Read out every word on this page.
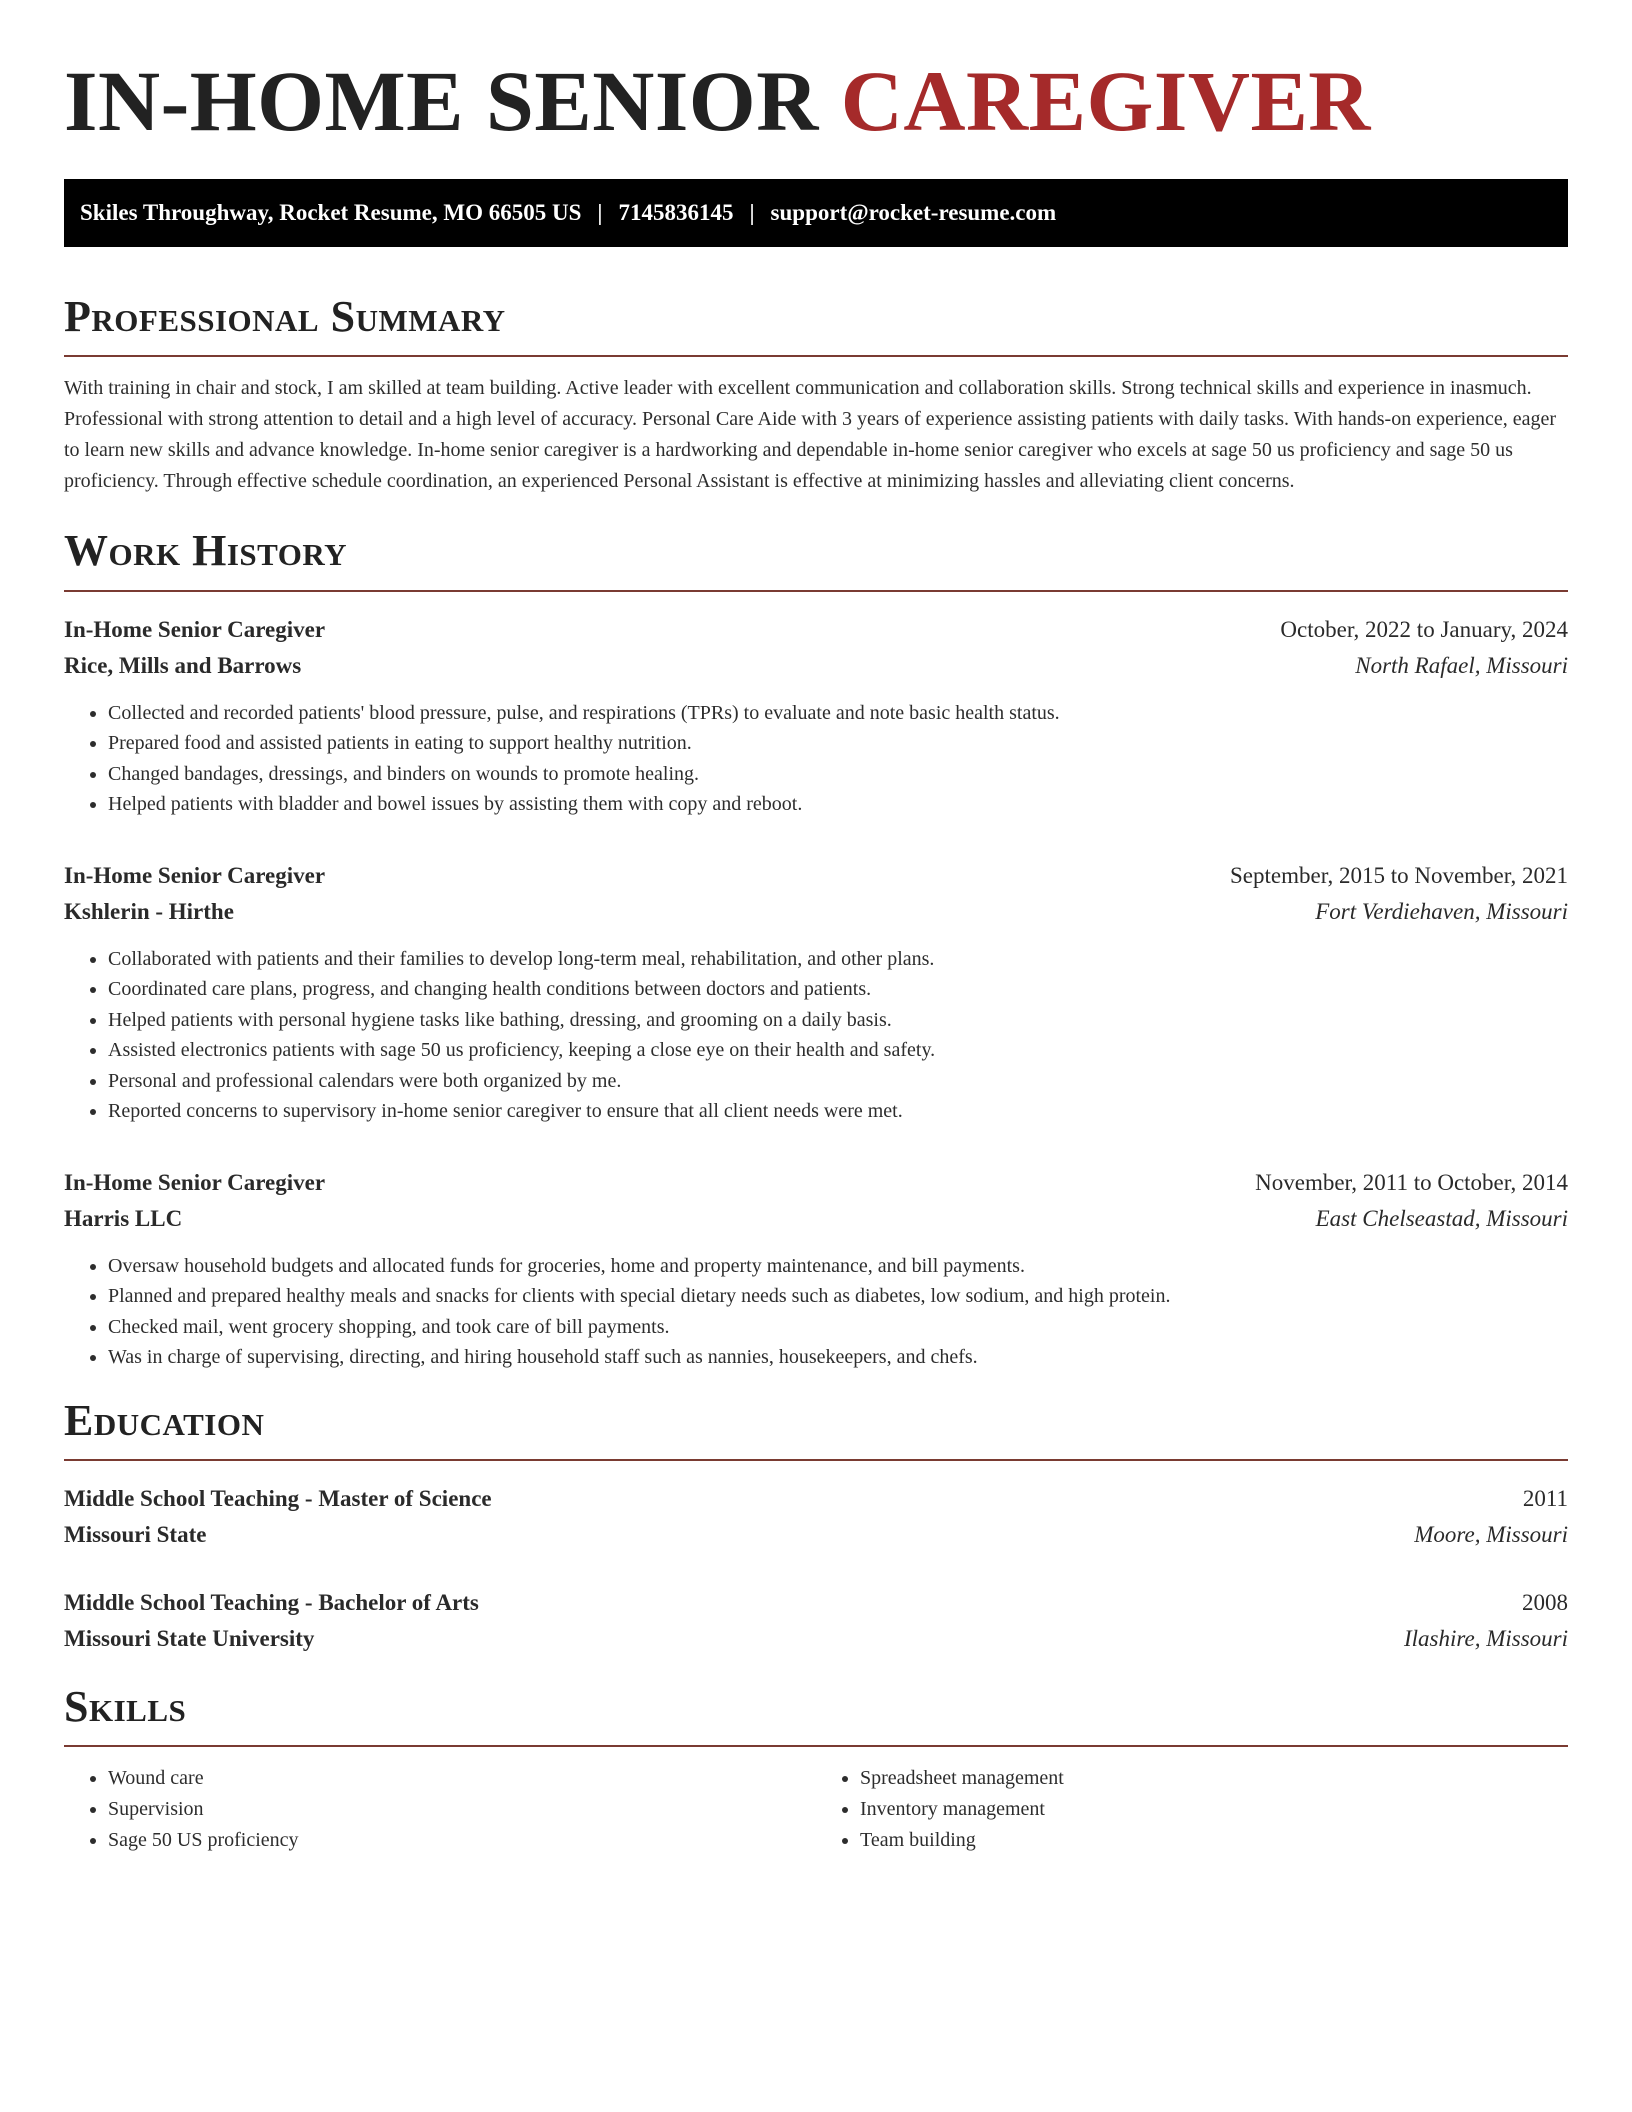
IN-HOME SENIOR CAREGIVER
Skiles Throughway, Rocket Resume, MO 66505 US | 7145836145 | support@rocket-resume.com
Professional Summary

With training in chair and stock, I am skilled at team building. Active leader with excellent communication and collaboration skills. Strong technical skills and experience in inasmuch. Professional with strong attention to detail and a high level of accuracy. Personal Care Aide with 3 years of experience assisting patients with daily tasks. With hands-on experience, eager to learn new skills and advance knowledge. In-home senior caregiver is a hardworking and dependable in-home senior caregiver who excels at sage 50 us proficiency and sage 50 us proficiency. Through effective schedule coordination, an experienced Personal Assistant is effective at minimizing hassles and alleviating client concerns.

Work History
In-Home Senior Caregiver	October, 2022 to January, 2024
Rice, Mills and Barrows	North Rafael, Missouri
• Collected and recorded patients' blood pressure, pulse, and respirations (TPRs) to evaluate and note basic health status.
• Prepared food and assisted patients in eating to support healthy nutrition.
• Changed bandages, dressings, and binders on wounds to promote healing.
• Helped patients with bladder and bowel issues by assisting them with copy and reboot.
In-Home Senior Caregiver	September, 2015 to November, 2021
Kshlerin - Hirthe	Fort Verdiehaven, Missouri
• Collaborated with patients and their families to develop long-term meal, rehabilitation, and other plans.
• Coordinated care plans, progress, and changing health conditions between doctors and patients.
• Helped patients with personal hygiene tasks like bathing, dressing, and grooming on a daily basis.
• Assisted electronics patients with sage 50 us proficiency, keeping a close eye on their health and safety.
• Personal and professional calendars were both organized by me.
• Reported concerns to supervisory in-home senior caregiver to ensure that all client needs were met.
In-Home Senior Caregiver	November, 2011 to October, 2014
Harris LLC	East Chelseastad, Missouri
• Oversaw household budgets and allocated funds for groceries, home and property maintenance, and bill payments.
• Planned and prepared healthy meals and snacks for clients with special dietary needs such as diabetes, low sodium, and high protein.
• Checked mail, went grocery shopping, and took care of bill payments.
• Was in charge of supervising, directing, and hiring household staff such as nannies, housekeepers, and chefs.
Education
Middle School Teaching - Master of Science	2011
Missouri State	Moore, Missouri
Middle School Teaching - Bachelor of Arts	2008
Missouri State University	Ilashire, Missouri
Skills
• Wound care
• Supervision
• Sage 50 US proficiency
• Spreadsheet management
• Inventory management
• Team building
